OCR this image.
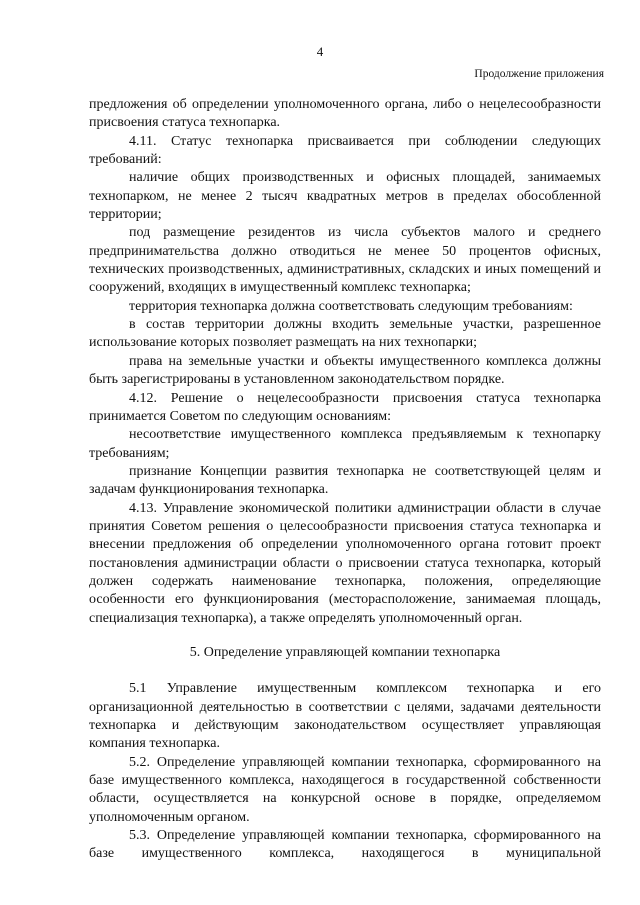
4
Продолжение приложения

предложения об определении уполномоченного органа, либо о нецелесообразности присвоения статуса технопарка.

4.11. Статус технопарка присваивается при соблюдении следующих требований:

наличие общих производственных и офисных площадей, занимаемых технопарком, не менее 2 тысяч квадратных метров в пределах обособленной территории;

под размещение резидентов из числа субъектов малого и среднего предпринимательства должно отводиться не менее 50 процентов офисных, технических производственных, административных, складских и иных помещений и сооружений, входящих в имущественный комплекс технопарка;

территория технопарка должна соответствовать следующим требованиям:

в состав территории должны входить земельные участки, разрешенное использование которых позволяет размещать на них технопарки;

права на земельные участки и объекты имущественного комплекса должны быть зарегистрированы в установленном законодательством порядке.

4.12. Решение о нецелесообразности присвоения статуса технопарка принимается Советом по следующим основаниям:

несоответствие имущественного комплекса предъявляемым к технопарку требованиям;

признание Концепции развития технопарка не соответствующей целям и задачам функционирования технопарка.

4.13. Управление экономической политики администрации области в случае принятия Советом решения о целесообразности присвоения статуса технопарка и внесении предложения об определении уполномоченного органа готовит проект постановления администрации области о присвоении статуса технопарка, который должен содержать наименование технопарка, положения, определяющие особенности его функционирования (месторасположение, занимаемая площадь, специализация технопарка), а также определять уполномоченный орган.

5. Определение управляющей компании технопарка

5.1 Управление имущественным комплексом технопарка и его организационной деятельностью в соответствии с целями, задачами деятельности технопарка и действующим законодательством осуществляет управляющая компания технопарка.

5.2. Определение управляющей компании технопарка, сформированного на базе имущественного комплекса, находящегося в государственной собственности области, осуществляется на конкурсной основе в порядке, определяемом уполномоченным органом.

5.3. Определение управляющей компании технопарка, сформированного на базе имущественного комплекса, находящегося в муниципальной
